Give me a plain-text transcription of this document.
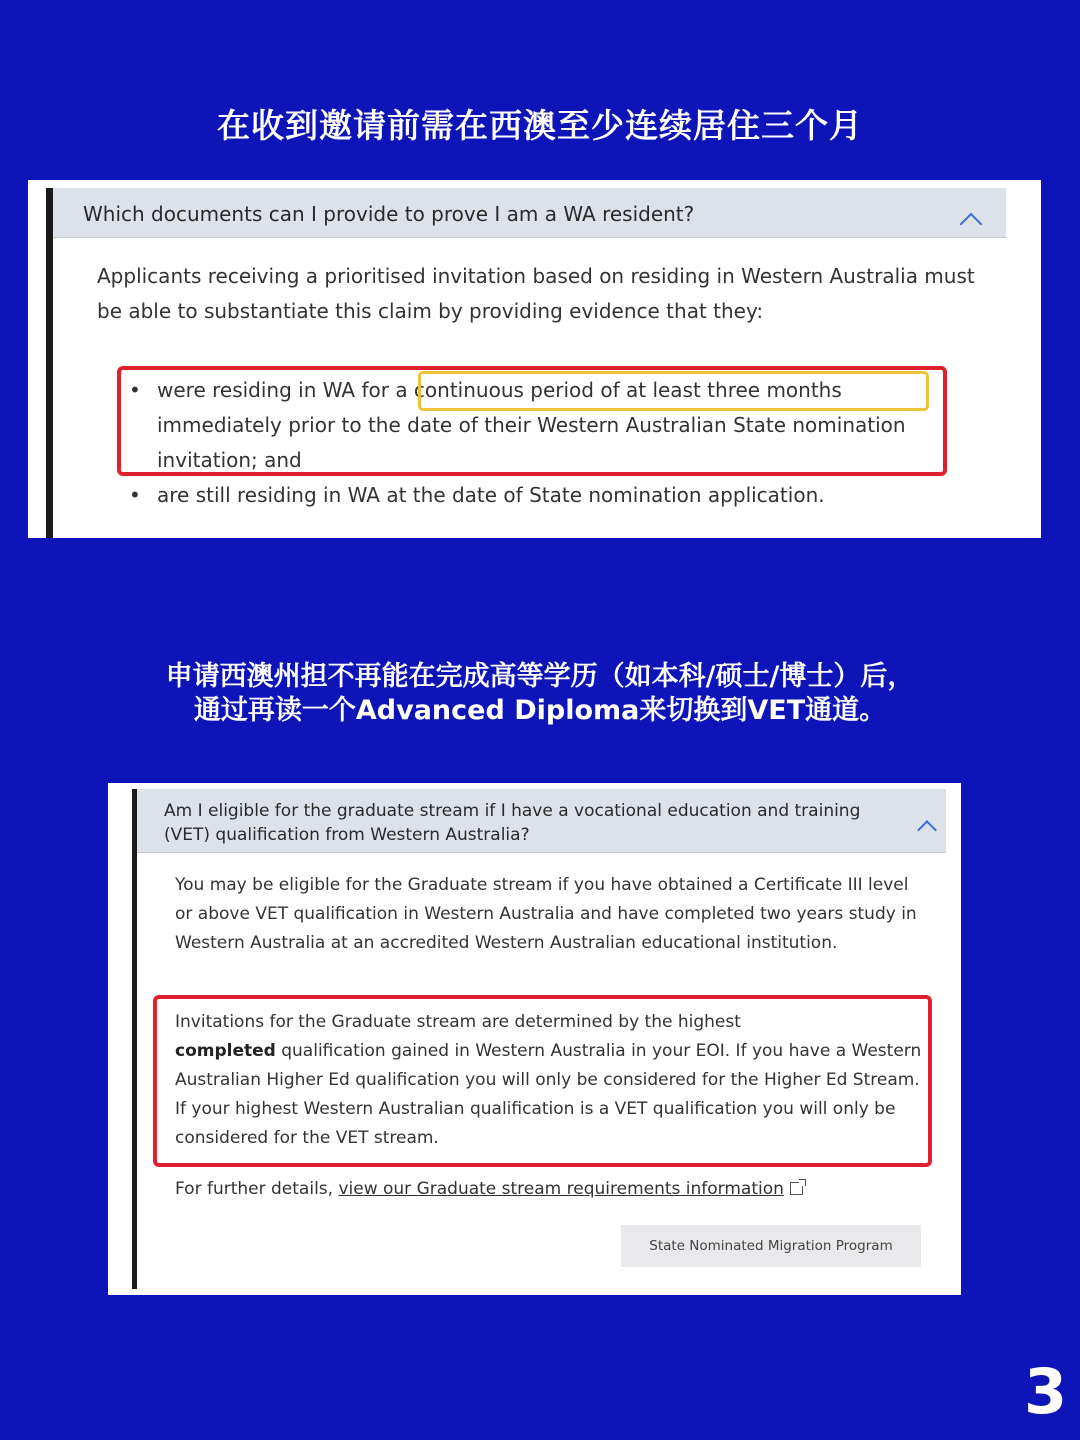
在收到邀请前需在西澳至少连续居住三个月
Which documents can I provide to prove I am a WA resident?

Applicants receiving a prioritised invitation based on residing in Western Australia must be able to substantiate this claim by providing evidence that they:

• were residing in WA for a continuous period of at least three months immediately prior to the date of their Western Australian State nomination invitation; and
• are still residing in WA at the date of State nomination application.
申请西澳州担不再能在完成高等学历（如本科/硕士/博士）后，
通过再读一个Advanced Diploma来切换到VET通道。
Am I eligible for the graduate stream if I have a vocational education and training (VET) qualification from Western Australia?

You may be eligible for the Graduate stream if you have obtained a Certificate III level or above VET qualification in Western Australia and have completed two years study in Western Australia at an accredited Western Australian educational institution.

Invitations for the Graduate stream are determined by the highest
completed qualification gained in Western Australia in your EOI. If you have a Western Australian Higher Ed qualification you will only be considered for the Higher Ed Stream. If your highest Western Australian qualification is a VET qualification you will only be considered for the VET stream.

For further details, view our Graduate stream requirements information

State Nominated Migration Program
3
